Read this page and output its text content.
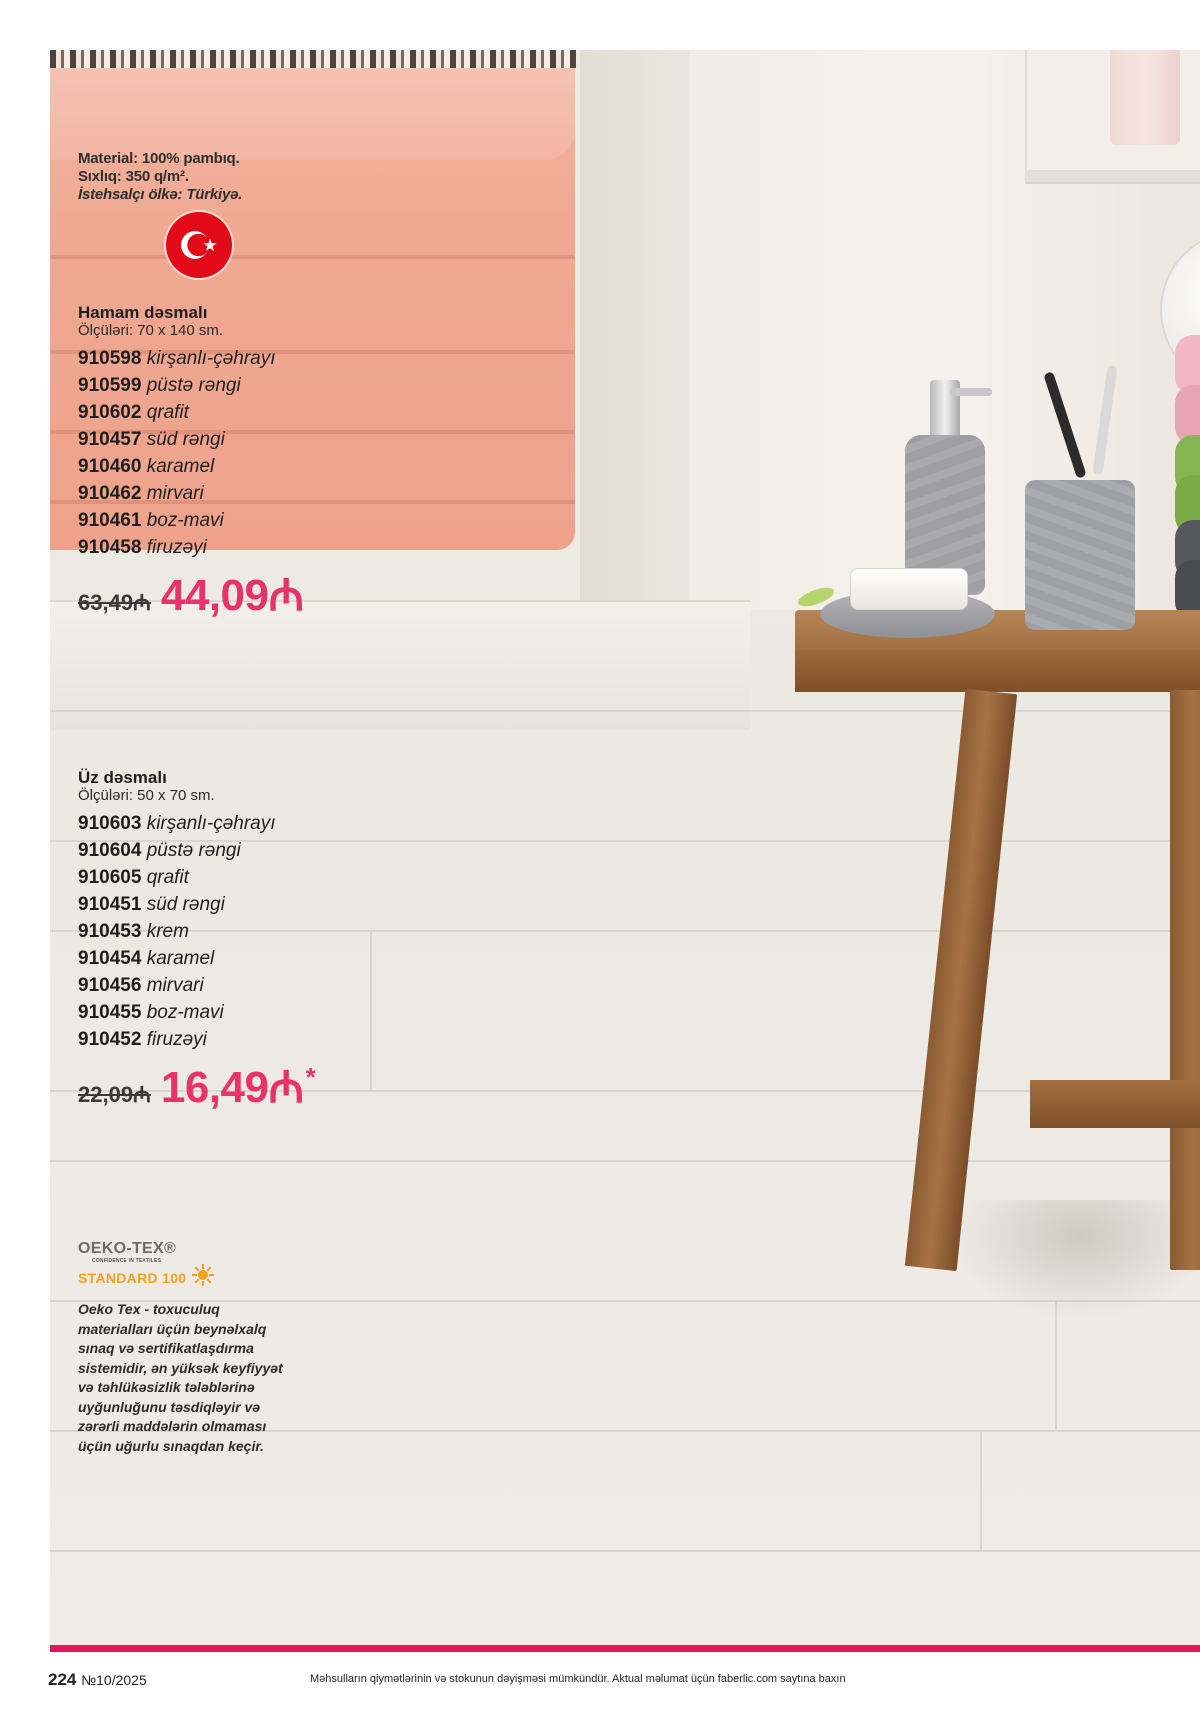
Material: 100% pambıq.
Sıxlıq: 350 q/m².
İstehsalçı ölkə: Türkiyə.
Hamam dəsmalı
Ölçüləri: 70 x 140 sm.
910598 kirşanlı-çəhrayı
910599 püstə rəngi
910602 qrafit
910457 süd rəngi
910460 karamel
910462 mirvari
910461 boz-mavi
910458 firuzəyi
63,49₼ 44,09₼
Üz dəsmalı
Ölçüləri: 50 x 70 sm.
910603 kirşanlı-çəhrayı
910604 püstə rəngi
910605 qrafit
910451 süd rəngi
910453 krem
910454 karamel
910456 mirvari
910455 boz-mavi
910452 firuzəyi
22,09₼ 16,49₼ *
OEKO-TEX®
CONFIDENCE IN TEXTILES
STANDARD 100
Oeko Tex - toxuculuq materialları üçün beynəlxalq sınaq və sertifikatlaşdırma sistemidir, ən yüksək keyfiyyət və təhlükəsizlik tələblərinə uyğunluğunu təsdiqləyir və zərərli maddələrin olmaması üçün uğurlu sınaqdan keçir.
224 №10/2025	Məhsulların qiymətlərinin və stokunun dəyişməsi mümkündür. Aktual məlumat üçün faberlic.com saytına baxın
